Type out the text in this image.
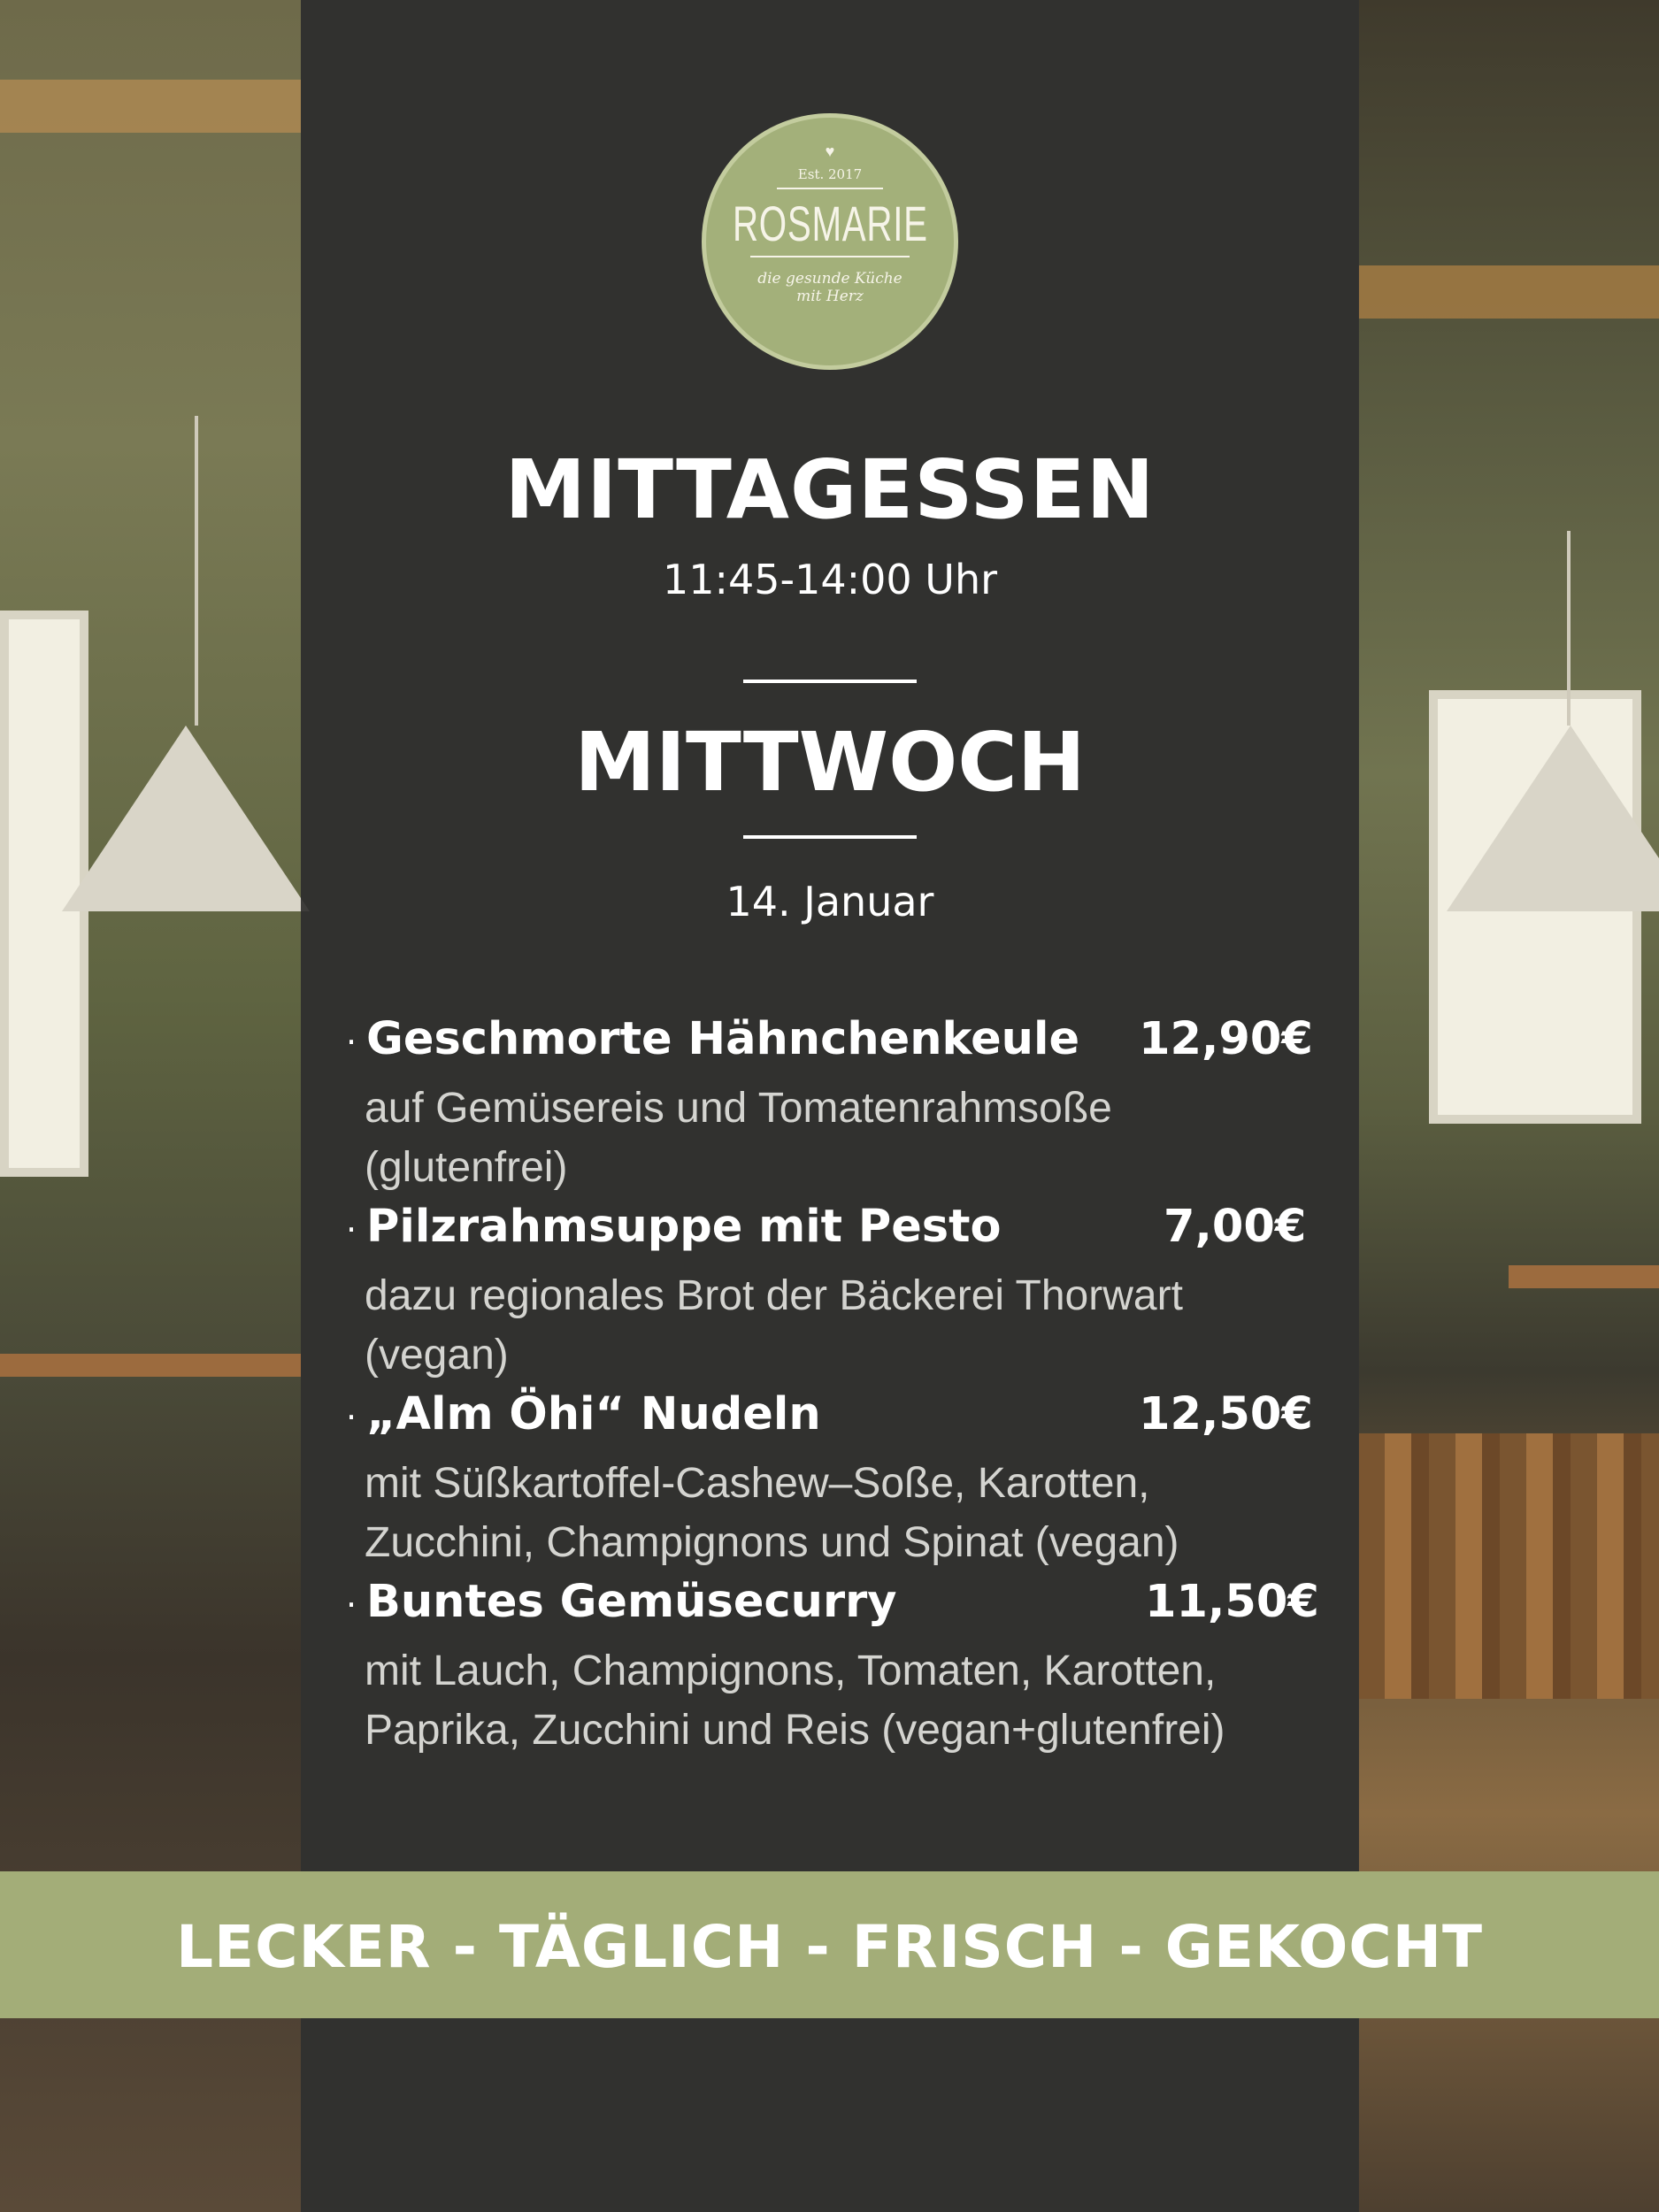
♥
Est. 2017
ROSMARIE
die gesunde Küche
mit Herz
MITTAGESSEN
11:45-14:00 Uhr
MITTWOCH
14. Januar
· Geschmorte Hähnchenkeule	12,90€
auf Gemüsereis und Tomatenrahmsoße
(glutenfrei)
· Pilzrahmsuppe mit Pesto	7,00€
dazu regionales Brot der Bäckerei Thorwart
(vegan)
· „Alm Öhi“ Nudeln	12,50€
mit Süßkartoffel-Cashew–Soße, Karotten,
Zucchini, Champignons und Spinat (vegan)
· Buntes Gemüsecurry	11,50€
mit Lauch, Champignons, Tomaten, Karotten,
Paprika, Zucchini und Reis (vegan+glutenfrei)
LECKER - TÄGLICH - FRISCH - GEKOCHT
